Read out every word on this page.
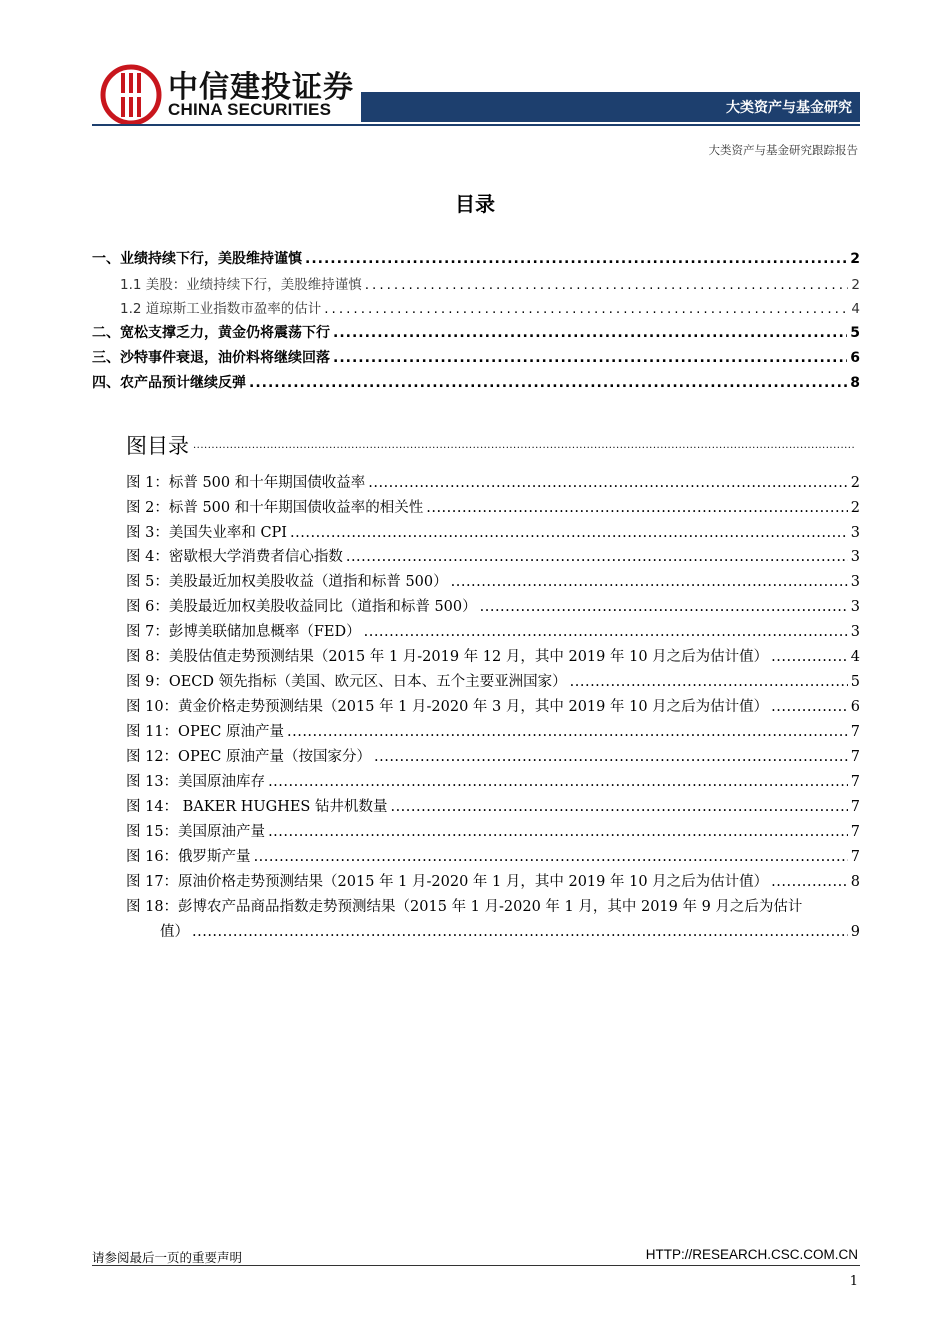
中信建投证券
CHINA SECURITIES	大类资产与基金研究
大类资产与基金研究跟踪报告
目录
一、业绩持续下行，美股维持谨慎 .....	2
1.1 美股：业绩持续下行，美股维持谨慎 .....	2
1.2 道琼斯工业指数市盈率的估计 .....	4
二、宽松支撑乏力，黄金仍将震荡下行 .....	5
三、沙特事件衰退，油价料将继续回落 .....	6
四、农产品预计继续反弹 .....	8
图目录
.....
图 1：标普 500 和十年期国债收益率 .....	2
图 2：标普 500 和十年期国债收益率的相关性 .....	2
图 3：美国失业率和 CPI .....	3
图 4：密歇根大学消费者信心指数 .....	3
图 5：美股最近加权美股收益（道指和标普 500） .....	3
图 6：美股最近加权美股收益同比（道指和标普 500） .....	3
图 7：彭博美联储加息概率（FED） .....	3
图 8：美股估值走势预测结果（2015 年 1 月-2019 年 12 月，其中 2019 年 10 月之后为估计值） .....	4
图 9：OECD 领先指标（美国、欧元区、日本、五个主要亚洲国家） .....	5
图 10：黄金价格走势预测结果（2015 年 1 月-2020 年 3 月，其中 2019 年 10 月之后为估计值） .....	6
图 11：OPEC 原油产量 .....	7
图 12：OPEC 原油产量（按国家分） .....	7
图 13：美国原油库存 .....	7
图 14： BAKER HUGHES 钻井机数量 .....	7
图 15：美国原油产量 .....	7
图 16：俄罗斯产量 .....	7
图 17：原油价格走势预测结果（2015 年 1 月-2020 年 1 月，其中 2019 年 10 月之后为估计值） .....	8
图 18：彭博农产品商品指数走势预测结果（2015 年 1 月-2020 年 1 月，其中 2019 年 9 月之后为估计
值） .....	9
请参阅最后一页的重要声明	HTTP://RESEARCH.CSC.COM.CN
1
